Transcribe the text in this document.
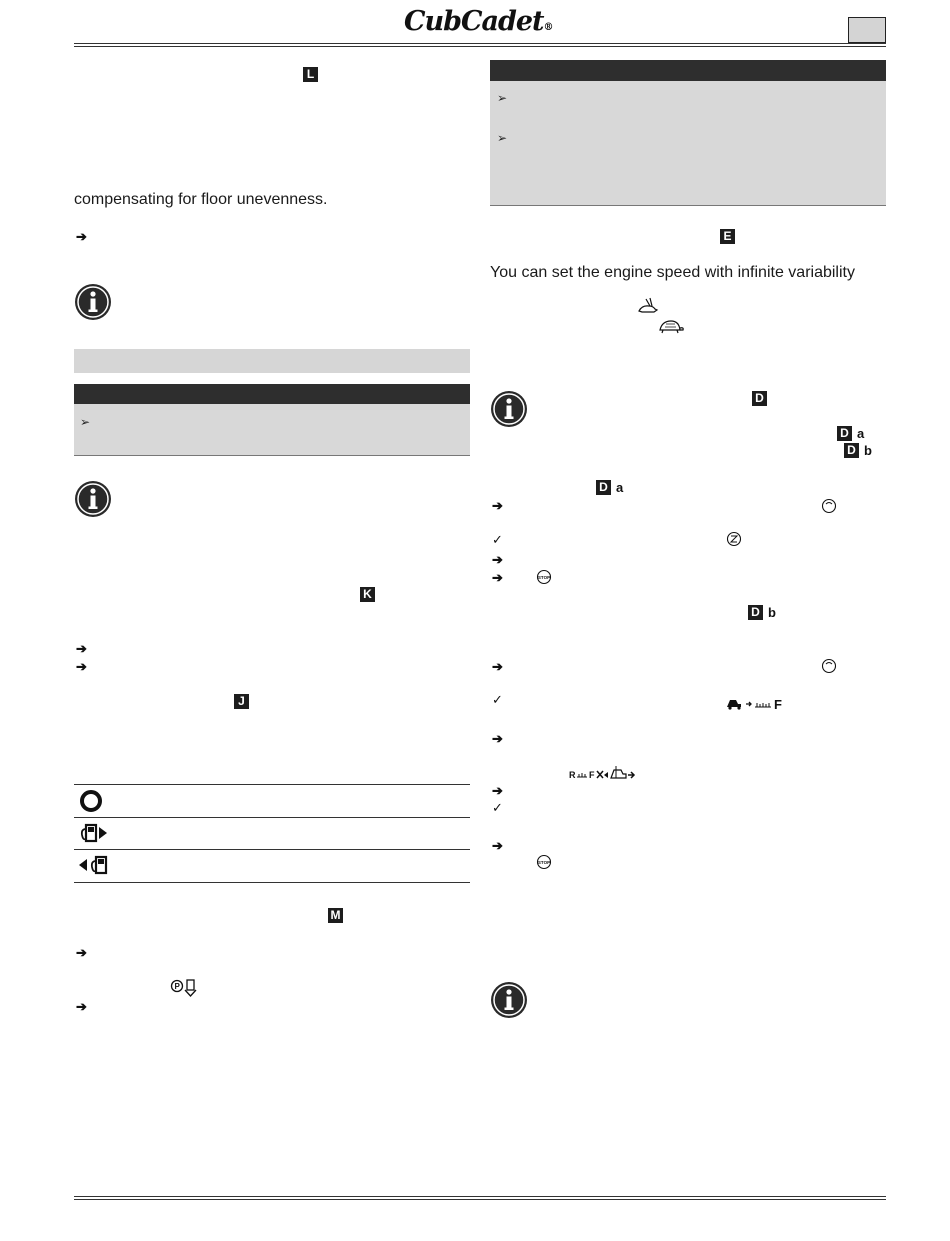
CubCadet®
L
compensating for floor unevenness.
➔
➢
K
➔
➔
J
M
➔
P
➔
➢
➢
E
You can set the engine speed with infinite variability
D
D a
D b
D a
➔
✓
➔
➔	STOP
D b
➔
✓	F
➔
R F
➔
✓
➔
STOP
